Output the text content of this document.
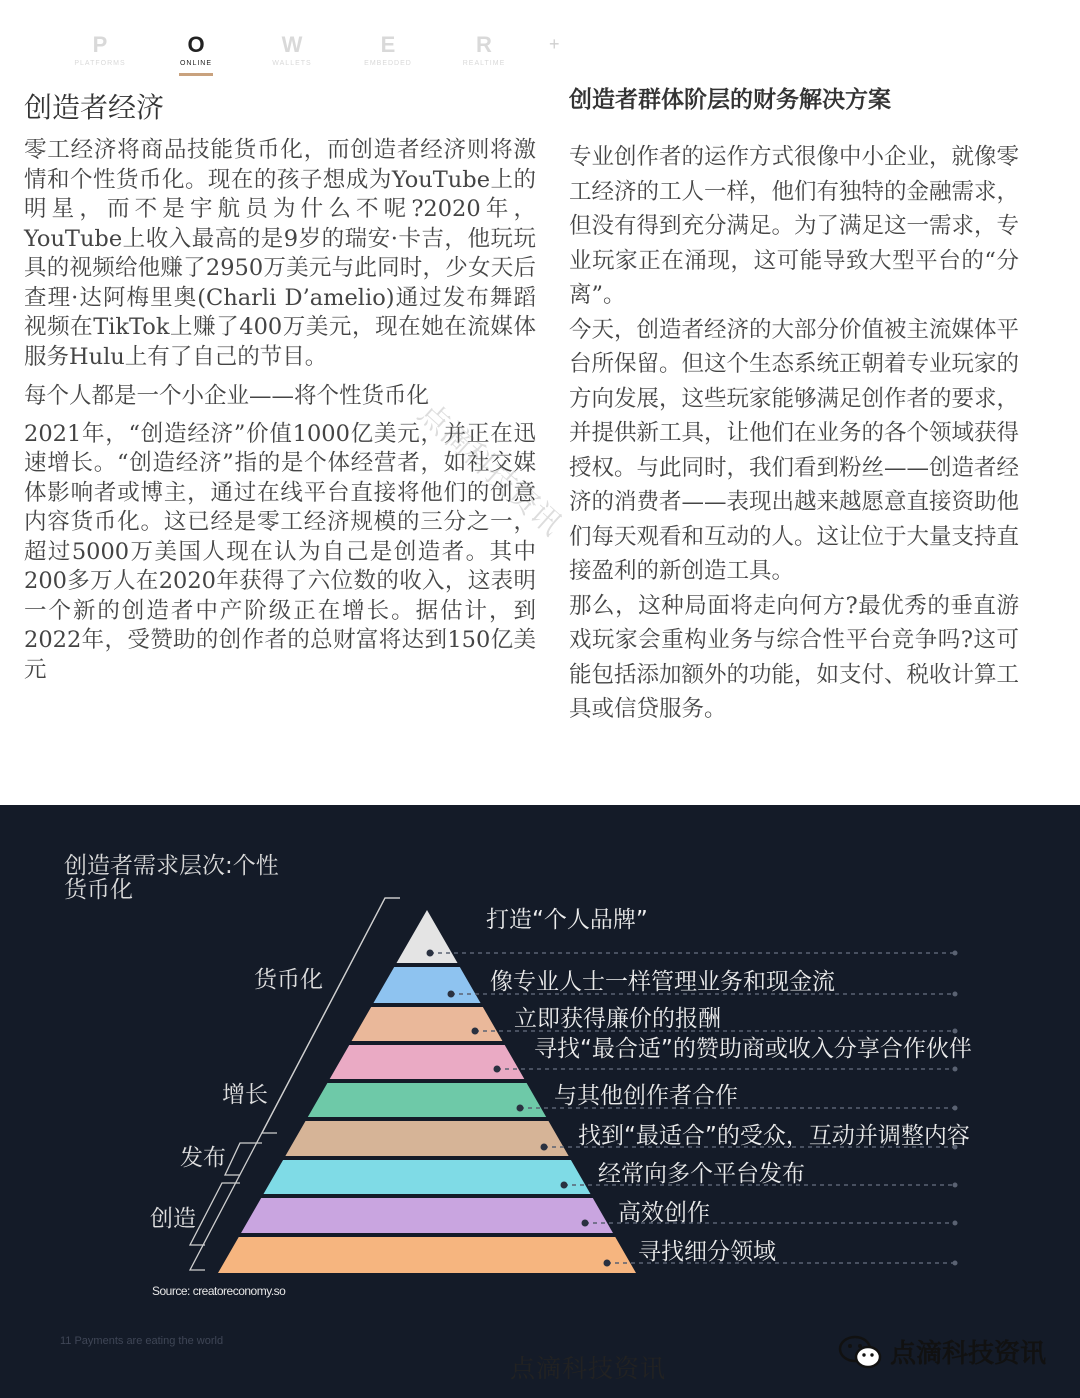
P
PLATFORMS
O
ONLINE
W
WALLETS
E
EMBEDDED
R
REALTIME
+
创造者经济

零工经济将商品技能货币化，而创造者经济则将激情和个性货币化。现在的孩子想成为YouTube上的明星，而不是宇航员为什么不呢?2020年，YouTube上收入最高的是9岁的瑞安·卡吉，他玩玩具的视频给他赚了2950万美元与此同时，少女天后查理·达阿梅里奥(Charli D’amelio)通过发布舞蹈视频在TikTok上赚了400万美元，现在她在流媒体服务Hulu上有了自己的节目。

每个人都是一个小企业——将个性货币化

2021年，“创造经济”价值1000亿美元，并正在迅速增长。“创造经济”指的是个体经营者，如社交媒体影响者或博主，通过在线平台直接将他们的创意内容货币化。这已经是零工经济规模的三分之一，超过5000万美国人现在认为自己是创造者。其中200多万人在2020年获得了六位数的收入，这表明一个新的创造者中产阶级正在增长。据估计，到2022年，受赞助的创作者的总财富将达到150亿美元

创造者群体阶层的财务解决方案

专业创作者的运作方式很像中小企业，就像零工经济的工人一样，他们有独特的金融需求，但没有得到充分满足。为了满足这一需求，专业玩家正在涌现，这可能导致大型平台的“分离”。

今天，创造者经济的大部分价值被主流媒体平台所保留。但这个生态系统正朝着专业玩家的方向发展，这些玩家能够满足创作者的要求，并提供新工具，让他们在业务的各个领域获得授权。与此同时，我们看到粉丝——创造者经济的消费者——表现出越来越愿意直接资助他们每天观看和互动的人。这让位于大量支持直接盈利的新创造工具。

那么，这种局面将走向何方?最优秀的垂直游戏玩家会重构业务与综合性平台竞争吗?这可能包括添加额外的功能，如支付、税收计算工具或信贷服务。

点滴科技资讯
创造者需求层次:个性
货币化
打造“个人品牌”
像专业人士一样管理业务和现金流
立即获得廉价的报酬
寻找“最合适”的赞助商或收入分享合作伙伴
与其他创作者合作
找到“最适合”的受众，互动并调整内容
经常向多个平台发布
高效创作
寻找细分领域
货币化
增长
发布
创造
Source: creatoreconomy.so
11 Payments are eating the world
点滴科技资讯	点滴科技资讯
